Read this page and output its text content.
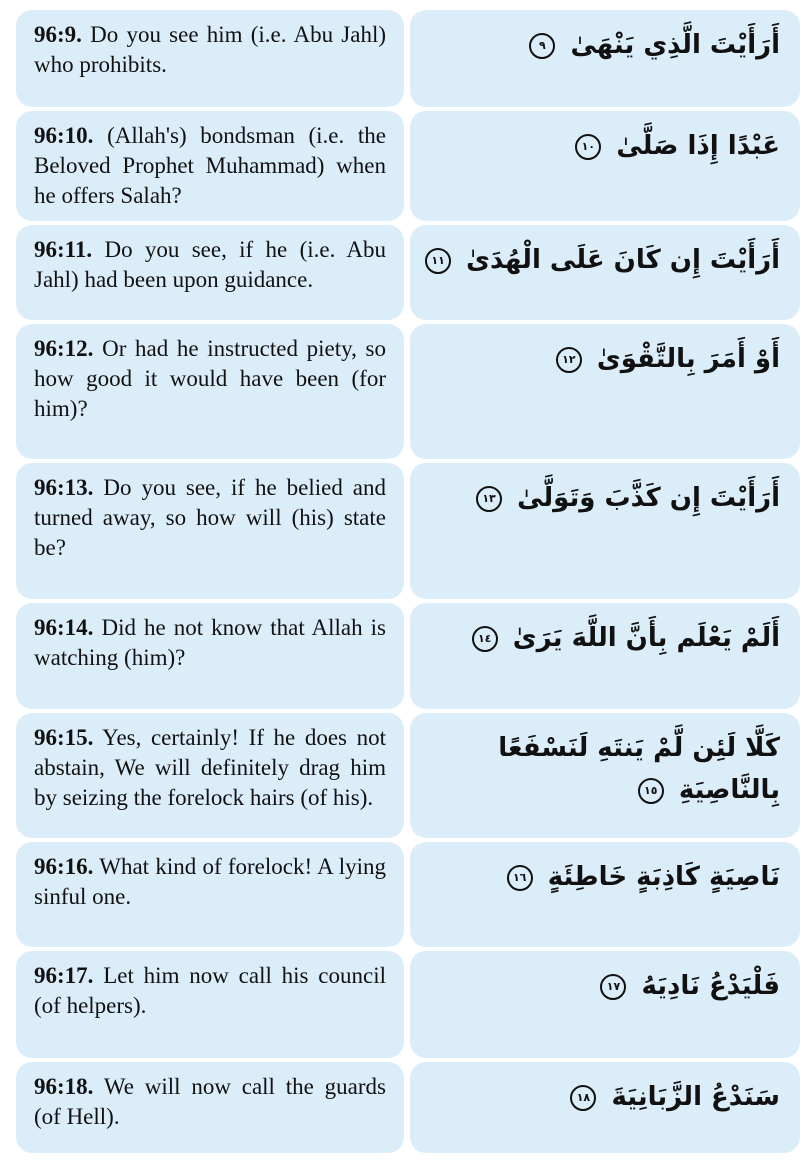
96:9. Do you see him (i.e. Abu Jahl) who prohibits.
أَرَأَيْتَ الَّذِي يَنْهَىٰ ٩
96:10. (Allah's) bondsman (i.e. the Beloved Prophet Muhammad) when he offers Salah?
عَبْدًا إِذَا صَلَّىٰ ١٠
96:11. Do you see, if he (i.e. Abu Jahl) had been upon guidance.
أَرَأَيْتَ إِن كَانَ عَلَى الْهُدَىٰ ١١
96:12. Or had he instructed piety, so how good it would have been (for him)?
أَوْ أَمَرَ بِالتَّقْوَىٰ ١٢
96:13. Do you see, if he belied and turned away, so how will (his) state be?
أَرَأَيْتَ إِن كَذَّبَ وَتَوَلَّىٰ ١٣
96:14. Did he not know that Allah is watching (him)?
أَلَمْ يَعْلَم بِأَنَّ اللَّهَ يَرَىٰ ١٤
96:15. Yes, certainly! If he does not abstain, We will definitely drag him by seizing the forelock hairs (of his).
كَلَّا لَئِن لَّمْ يَنتَهِ لَنَسْفَعًا بِالنَّاصِيَةِ ١٥
96:16. What kind of forelock! A lying sinful one.
نَاصِيَةٍ كَاذِبَةٍ خَاطِئَةٍ ١٦
96:17. Let him now call his council (of helpers).
فَلْيَدْعُ نَادِيَهُ ١٧
96:18. We will now call the guards (of Hell).
سَنَدْعُ الزَّبَانِيَةَ ١٨
